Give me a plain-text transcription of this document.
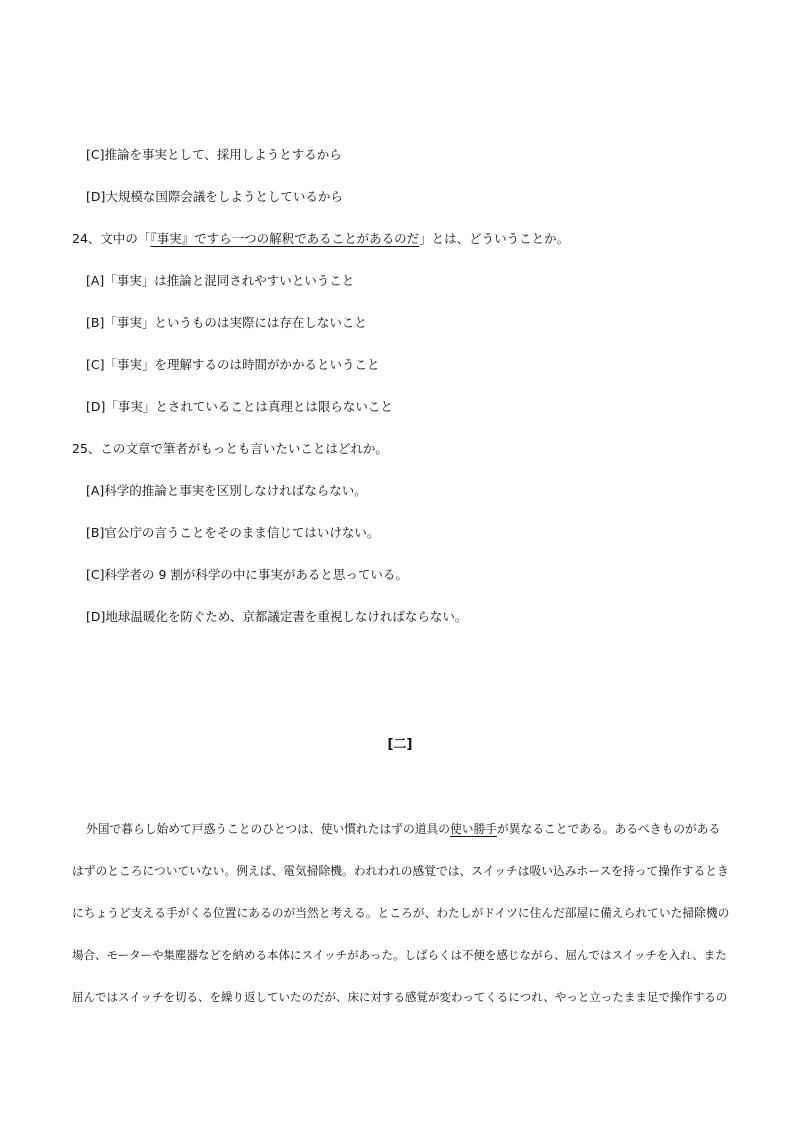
[C]推論を事実として、採用しようとするから
[D]大規模な国際会議をしようとしているから
24、文中の「『事実』ですら一つの解釈であることがあるのだ」とは、どういうことか。
[A]「事実」は推論と混同されやすいということ
[B]「事実」というものは実際には存在しないこと
[C]「事実」を理解するのは時間がかかるということ
[D]「事実」とされていることは真理とは限らないこと
25、この文章で筆者がもっとも言いたいことはどれか。
[A]科学的推論と事実を区別しなければならない。
[B]官公庁の言うことをそのまま信じてはいけない。
[C]科学者の 9 割が科学の中に事実があると思っている。
[D]地球温暖化を防ぐため、京都議定書を重視しなければならない。
[二]
外国で暮らし始めて戸惑うことのひとつは、使い慣れたはずの道具の使い勝手が異なることである。あるべきものがある
はずのところについていない。例えば、電気掃除機。われわれの感覚では、スイッチは吸い込みホースを持って操作するとき
にちょうど支える手がくる位置にあるのが当然と考える。ところが、わたしがドイツに住んだ部屋に備えられていた掃除機の
場合、モーターや集塵器などを納める本体にスイッチがあった。しばらくは不便を感じながら、屈んではスイッチを入れ、また
屈んではスイッチを切る、を繰り返していたのだが、床に対する感覚が変わってくるにつれ、やっと立ったまま足で操作するの
